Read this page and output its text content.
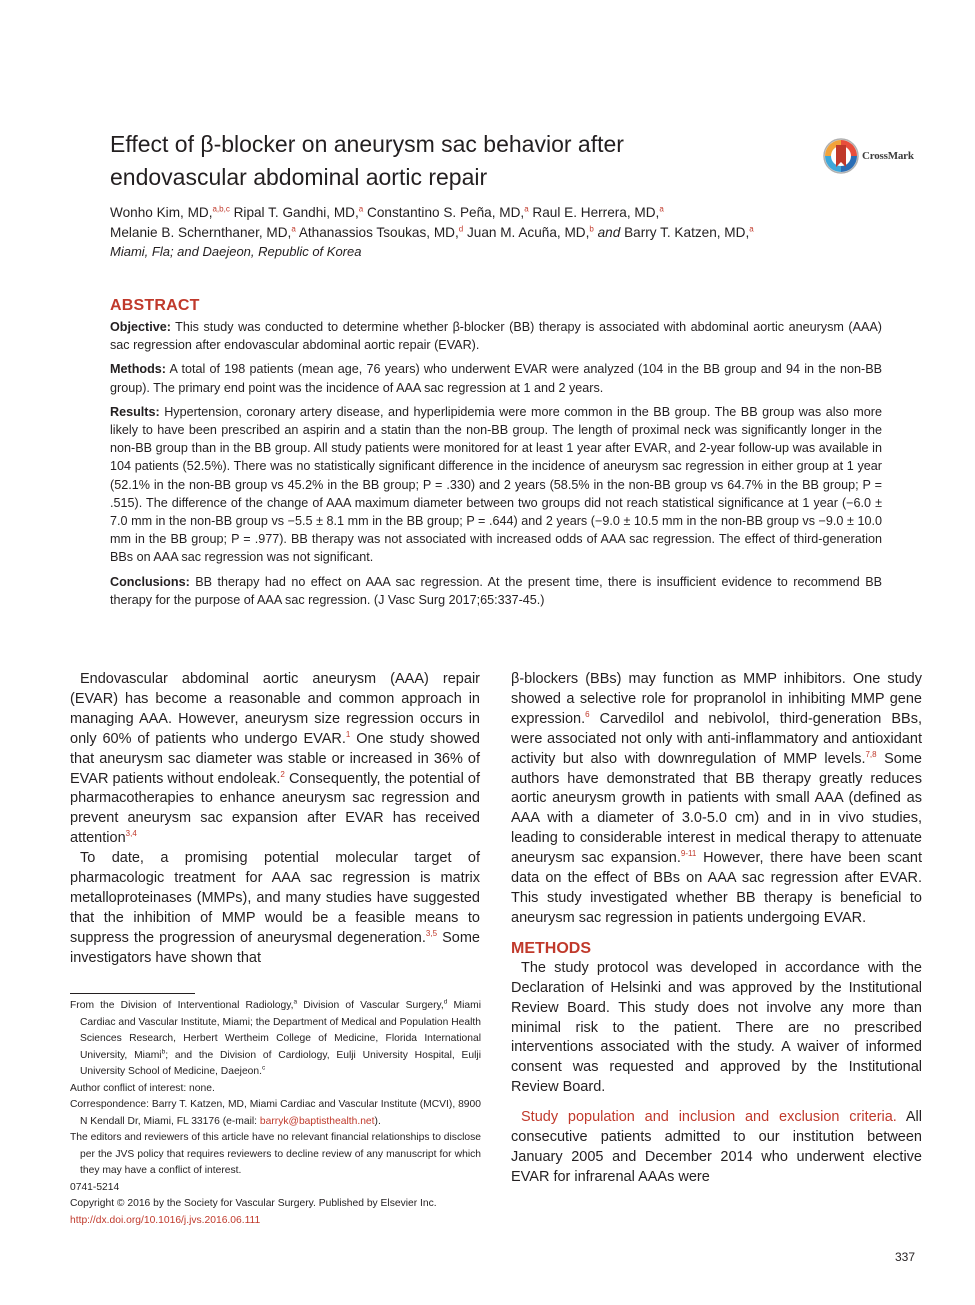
Effect of β-blocker on aneurysm sac behavior after
endovascular abdominal aortic repair
CrossMark
Wonho Kim, MD,$^{a,b,c}$ Ripal T. Gandhi, MD,$^a$ Constantino S. Peña, MD,$^a$ Raul E. Herrera, MD,$^a$
Melanie B. Schernthaner, MD,$^a$ Athanassios Tsoukas, MD,$^d$ Juan M. Acuña, MD,$^b$ and Barry T. Katzen, MD,$^a$
Miami, Fla; and Daejeon, Republic of Korea
ABSTRACT

Objective: This study was conducted to determine whether β-blocker (BB) therapy is associated with abdominal aortic aneurysm (AAA) sac regression after endovascular abdominal aortic repair (EVAR).

Methods: A total of 198 patients (mean age, 76 years) who underwent EVAR were analyzed (104 in the BB group and 94 in the non-BB group). The primary end point was the incidence of AAA sac regression at 1 and 2 years.

Results: Hypertension, coronary artery disease, and hyperlipidemia were more common in the BB group. The BB group was also more likely to have been prescribed an aspirin and a statin than the non-BB group. The length of proximal neck was significantly longer in the non-BB group than in the BB group. All study patients were monitored for at least 1 year after EVAR, and 2-year follow-up was available in 104 patients (52.5%). There was no statistically significant difference in the incidence of aneurysm sac regression in either group at 1 year (52.1% in the non-BB group vs 45.2% in the BB group; P = .330) and 2 years (58.5% in the non-BB group vs 64.7% in the BB group; P = .515). The difference of the change of AAA maximum diameter between two groups did not reach statistical significance at 1 year (−6.0 ± 7.0 mm in the non-BB group vs −5.5 ± 8.1 mm in the BB group; P = .644) and 2 years (−9.0 ± 10.5 mm in the non-BB group vs −9.0 ± 10.0 mm in the BB group; P = .977). BB therapy was not associated with increased odds of AAA sac regression. The effect of third-generation BBs on AAA sac regression was not significant.

Conclusions: BB therapy had no effect on AAA sac regression. At the present time, there is insufficient evidence to recommend BB therapy for the purpose of AAA sac regression. (J Vasc Surg 2017;65:337-45.)

Endovascular abdominal aortic aneurysm (AAA) repair (EVAR) has become a reasonable and common approach in managing AAA. However, aneurysm size regression occurs in only 60% of patients who undergo EVAR.$^1$ One study showed that aneurysm sac diameter was stable or increased in 36% of EVAR patients without endoleak.$^2$ Consequently, the potential of pharmacotherapies to enhance aneurysm sac regression and prevent aneurysm sac expansion after EVAR has received attention$^{3,4}$

To date, a promising potential molecular target of pharmacologic treatment for AAA sac regression is matrix metalloproteinases (MMPs), and many studies have suggested that the inhibition of MMP would be a feasible means to suppress the progression of aneurysmal degeneration.$^{3,5}$ Some investigators have shown that

β-blockers (BBs) may function as MMP inhibitors. One study showed a selective role for propranolol in inhibiting MMP gene expression.$^6$ Carvedilol and nebivolol, third-generation BBs, were associated not only with anti-inflammatory and antioxidant activity but also with downregulation of MMP levels.$^{7,8}$ Some authors have demonstrated that BB therapy greatly reduces aortic aneurysm growth in patients with small AAA (defined as AAA with a diameter of 3.0-5.0 cm) and in in vivo studies, leading to considerable interest in medical therapy to attenuate aneurysm sac expansion.$^{9-11}$ However, there have been scant data on the effect of BBs on AAA sac regression after EVAR. This study investigated whether BB therapy is beneficial to aneurysm sac regression in patients undergoing EVAR.

METHODS

The study protocol was developed in accordance with the Declaration of Helsinki and was approved by the Institutional Review Board. This study does not involve any more than minimal risk to the patient. There are no prescribed interventions associated with the study. A waiver of informed consent was requested and approved by the Institutional Review Board.

Study population and inclusion and exclusion criteria. All consecutive patients admitted to our institution between January 2005 and December 2014 who underwent elective EVAR for infrarenal AAAs were

From the Division of Interventional Radiology,$^a$ Division of Vascular Surgery,$^d$ Miami Cardiac and Vascular Institute, Miami; the Department of Medical and Population Health Sciences Research, Herbert Wertheim College of Medicine, Florida International University, Miami$^b$; and the Division of Cardiology, Eulji University Hospital, Eulji University School of Medicine, Daejeon.$^c$

Author conflict of interest: none.

Correspondence: Barry T. Katzen, MD, Miami Cardiac and Vascular Institute (MCVI), 8900 N Kendall Dr, Miami, FL 33176 (e-mail: barryk@baptisthealth.net).

The editors and reviewers of this article have no relevant financial relationships to disclose per the JVS policy that requires reviewers to decline review of any manuscript for which they may have a conflict of interest.

0741-5214

Copyright © 2016 by the Society for Vascular Surgery. Published by Elsevier Inc.

http://dx.doi.org/10.1016/j.jvs.2016.06.111

337
